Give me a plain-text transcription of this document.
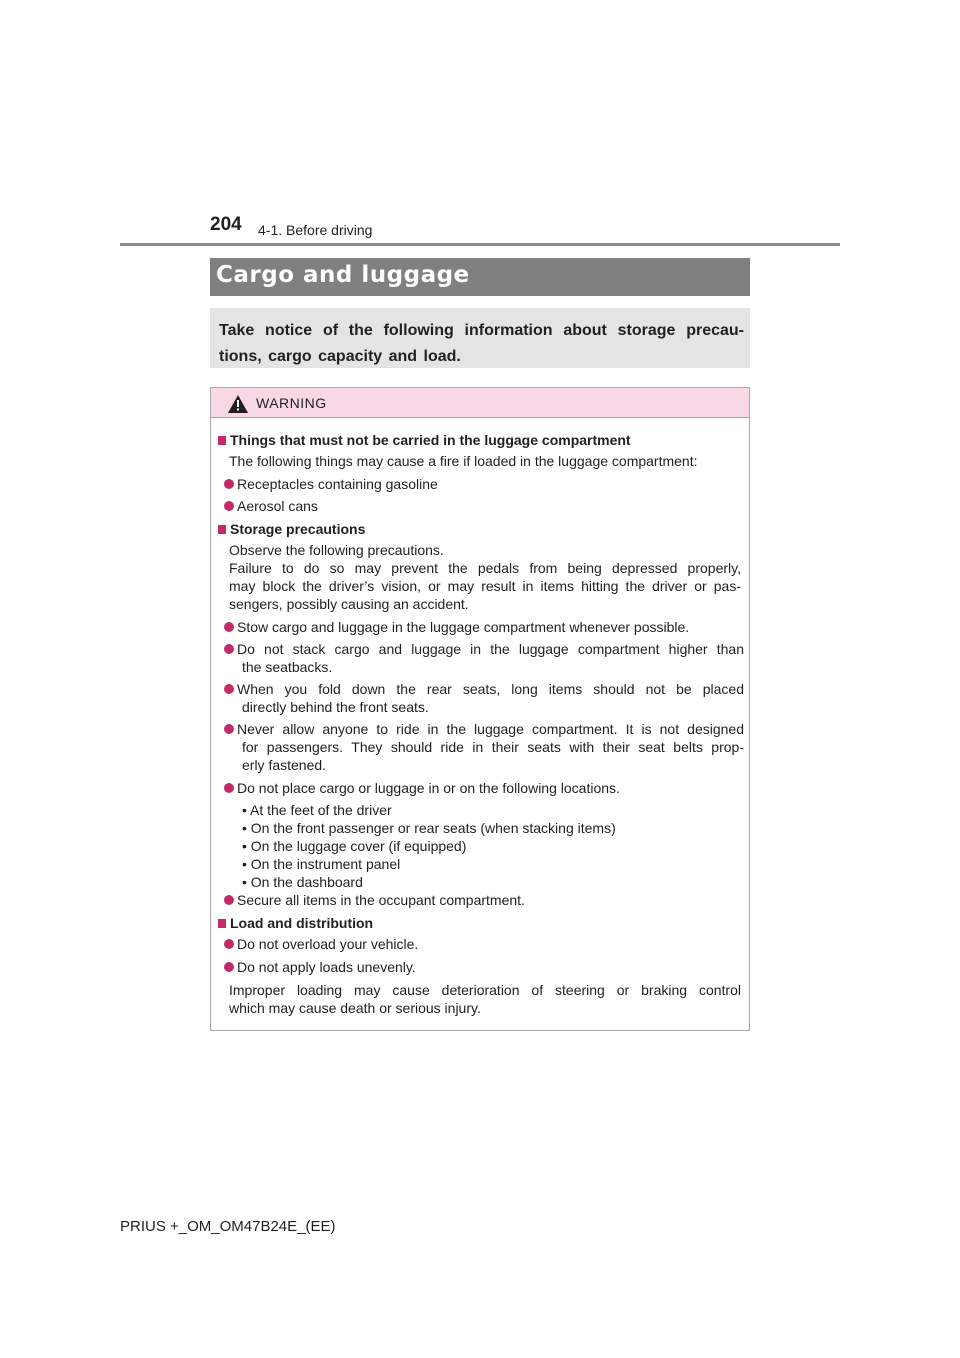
204 4-1. Before driving
Cargo and luggage
Take notice of the following information about storage precau-tions, cargo capacity and load.
WARNING
Things that must not be carried in the luggage compartment
The following things may cause a fire if loaded in the luggage compartment:
Receptacles containing gasoline
Aerosol cans
Storage precautions
Observe the following precautions.
Failure to do so may prevent the pedals from being depressed properly,
may block the driver’s vision, or may result in items hitting the driver or pas-
sengers, possibly causing an accident.
Stow cargo and luggage in the luggage compartment whenever possible.
Do not stack cargo and luggage in the luggage compartment higher than
the seatbacks.
When you fold down the rear seats, long items should not be placed
directly behind the front seats.
Never allow anyone to ride in the luggage compartment. It is not designed
for passengers. They should ride in their seats with their seat belts prop-
erly fastened.
Do not place cargo or luggage in or on the following locations.
• At the feet of the driver
• On the front passenger or rear seats (when stacking items)
• On the luggage cover (if equipped)
• On the instrument panel
• On the dashboard
Secure all items in the occupant compartment.
Load and distribution
Do not overload your vehicle.
Do not apply loads unevenly.
Improper loading may cause deterioration of steering or braking control
which may cause death or serious injury.
PRIUS +_OM_OM47B24E_(EE)
